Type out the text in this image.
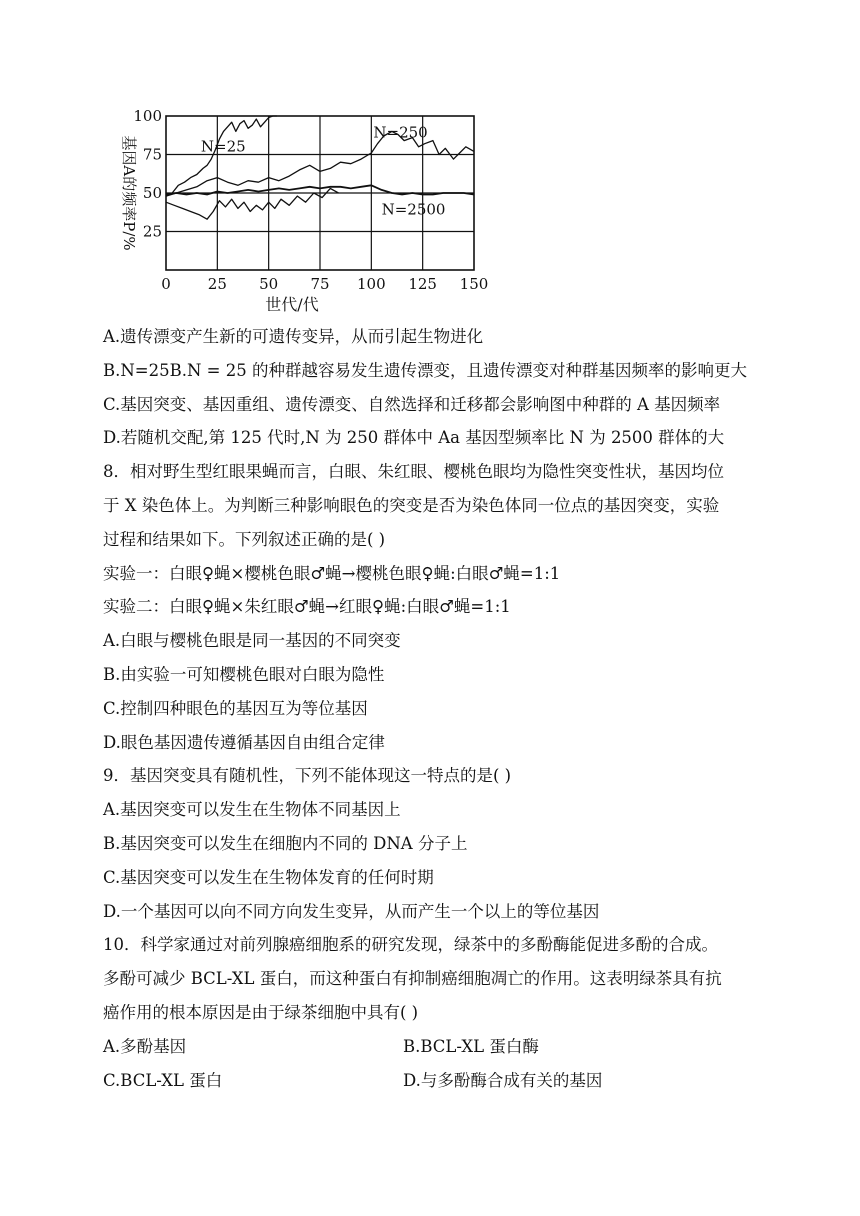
0 25 50 75 100 125 150
25
50
75
100
世代/代
基因A的频率P/%	N=25
N=250
N=2500
A.遗传漂变产生新的可遗传变异，从而引起生物进化
B.N=25B.N = 25 的种群越容易发生遗传漂变，且遗传漂变对种群基因频率的影响更大
C.基因突变、基因重组、遗传漂变、自然选择和迁移都会影响图中种群的 A 基因频率
D.若随机交配,第 125 代时,N 为 250 群体中 Aa 基因型频率比 N 为 2500 群体的大
8．相对野生型红眼果蝇而言，白眼、朱红眼、樱桃色眼均为隐性突变性状，基因均位
于 X 染色体上。为判断三种影响眼色的突变是否为染色体同一位点的基因突变，实验
过程和结果如下。下列叙述正确的是( )
实验一：白眼♀蝇×樱桃色眼♂蝇→樱桃色眼♀蝇:白眼♂蝇=1:1
实验二：白眼♀蝇×朱红眼♂蝇→红眼♀蝇:白眼♂蝇=1:1
A.白眼与樱桃色眼是同一基因的不同突变
B.由实验一可知樱桃色眼对白眼为隐性
C.控制四种眼色的基因互为等位基因
D.眼色基因遗传遵循基因自由组合定律
9．基因突变具有随机性，下列不能体现这一特点的是( )
A.基因突变可以发生在生物体不同基因上
B.基因突变可以发生在细胞内不同的 DNA 分子上
C.基因突变可以发生在生物体发育的任何时期
D.一个基因可以向不同方向发生变异，从而产生一个以上的等位基因
10．科学家通过对前列腺癌细胞系的研究发现，绿茶中的多酚酶能促进多酚的合成。
多酚可减少 BCL-XL 蛋白，而这种蛋白有抑制癌细胞凋亡的作用。这表明绿茶具有抗
癌作用的根本原因是由于绿茶细胞中具有( )
A.多酚基因	B.BCL-XL 蛋白酶
C.BCL-XL 蛋白	D.与多酚酶合成有关的基因
